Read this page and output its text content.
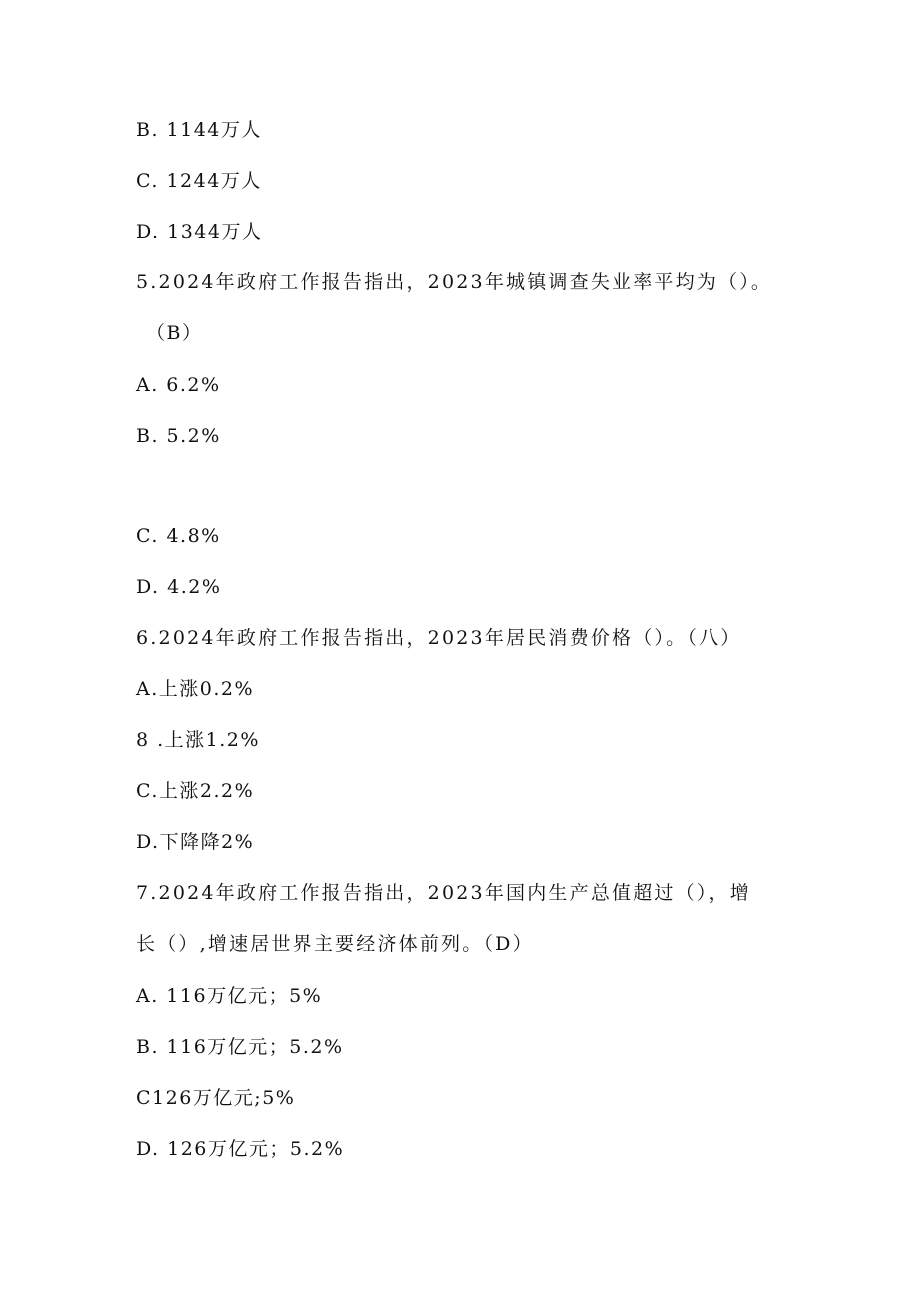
B. 1144万人
C. 1244万人
D. 1344万人
5.2024年政府工作报告指出，2023年城镇调查失业率平均为（）。
（B）
A. 6.2%
B. 5.2%
C. 4.8%
D. 4.2%
6.2024年政府工作报告指出，2023年居民消费价格（）。（八）
A.上涨0.2%
8 .上涨1.2%
C.上涨2.2%
D.下降降2%
7.2024年政府工作报告指出，2023年国内生产总值超过（），增
长（）,增速居世界主要经济体前列。（D）
A. 116万亿元；5%
B. 116万亿元；5.2%
C126万亿元;5%
D. 126万亿元；5.2%
